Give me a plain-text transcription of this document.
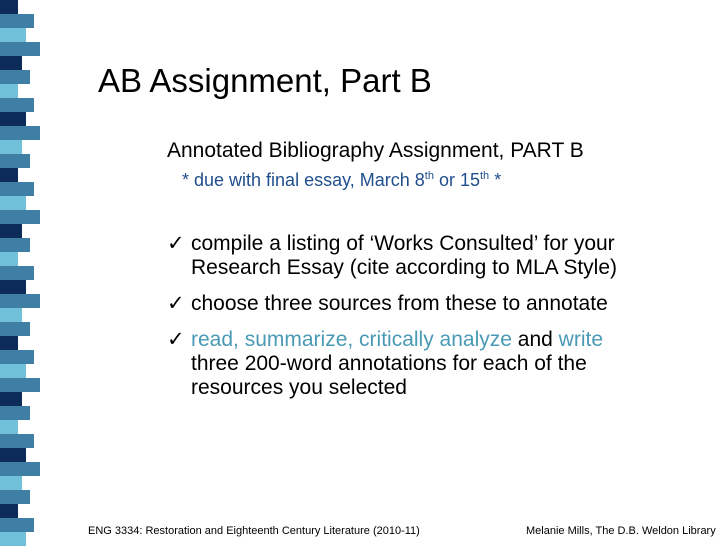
AB Assignment, Part B
Annotated Bibliography Assignment, PART B
* due with final essay, March 8th or 15th *
✓ compile a listing of ‘Works Consulted’ for your
Research Essay (cite according to MLA Style)
✓ choose three sources from these to annotate
✓ read, summarize, critically analyze and write
three 200-word annotations for each of the
resources you selected
ENG 3334: Restoration and Eighteenth Century Literature (2010-11)	Melanie Mills, The D.B. Weldon Library
